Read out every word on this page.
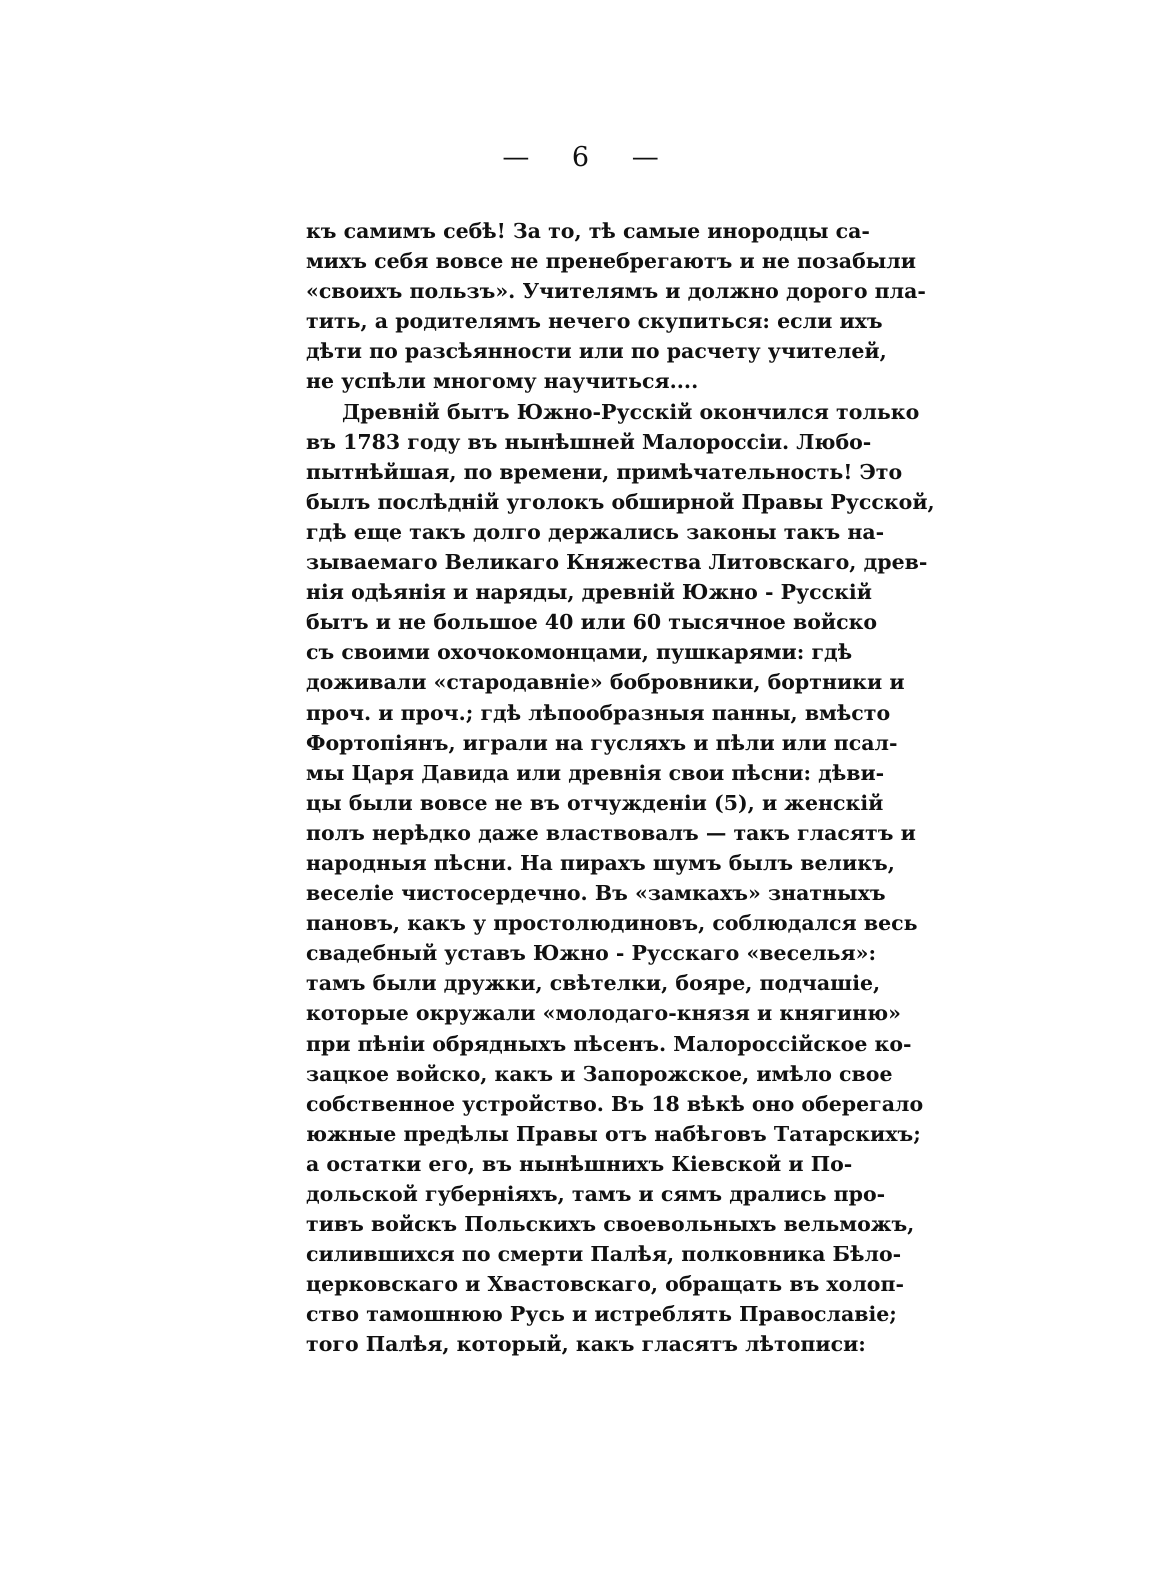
— 6 —
къ самимъ себѣ! За то, тѣ самые инородцы са-
михъ себя вовсе не пренебрегаютъ и не позабыли
«своихъ пользъ». Учителямъ и должно дорого пла-
тить, а родителямъ нечего скупиться: если ихъ
дѣти по разсѣянности или по расчету учителей,
не успѣли многому научиться....
Древній бытъ Южно-Русскій окончился только
въ 1783 году въ нынѣшней Малороссіи. Любо-
пытнѣйшая, по времени, примѣчательность! Это
былъ послѣдній уголокъ обширной Правы Русской,
гдѣ еще такъ долго держались законы такъ на-
зываемаго Великаго Княжества Литовскаго, древ-
нія одѣянія и наряды, древній Южно - Русскій
бытъ и не большое 40 или 60 тысячное войско
съ своими охочокомонцами, пушкарями: гдѣ
доживали «стародавніе» бобровники, бортники и
проч. и проч.; гдѣ лѣпообразныя панны, вмѣсто
Фортопіянъ, играли на гусляхъ и пѣли или псал-
мы Царя Давида или древнія свои пѣсни: дѣви-
цы были вовсе не въ отчужденіи (5), и женскій
полъ нерѣдко даже властвовалъ — такъ гласятъ и
народныя пѣсни. На пирахъ шумъ былъ великъ,
веселіе чистосердечно. Въ «замкахъ» знатныхъ
пановъ, какъ у простолюдиновъ, соблюдался весь
свадебный уставъ Южно - Русскаго «веселья»:
тамъ были дружки, свѣтелки, бояре, подчашіе,
которые окружали «молодаго-князя и княгиню»
при пѣніи обрядныхъ пѣсенъ. Малороссійское ко-
зацкое войско, какъ и Запорожское, имѣло свое
собственное устройство. Въ 18 вѣкѣ оно оберегало
южные предѣлы Правы отъ набѣговъ Татарскихъ;
а остатки его, въ нынѣшнихъ Кіевской и По-
дольской губерніяхъ, тамъ и сямъ дрались про-
тивъ войскъ Польскихъ своевольныхъ вельможъ,
силившихся по смерти Палѣя, полковника Бѣло-
церковскаго и Хвастовскаго, обращать въ холоп-
ство тамошнюю Русь и истреблять Православіе;
того Палѣя, который, какъ гласятъ лѣтописи:
